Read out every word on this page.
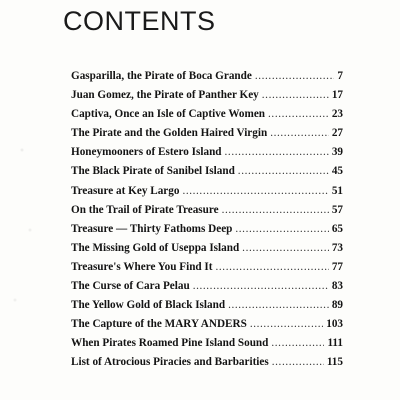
CONTENTS
Gasparilla, the Pirate of Boca Grande .....	7
Juan Gomez, the Pirate of Panther Key .....	17
Captiva, Once an Isle of Captive Women .....	23
The Pirate and the Golden Haired Virgin .....	27
Honeymooners of Estero Island .....	39
The Black Pirate of Sanibel Island .....	45
Treasure at Key Largo .....	51
On the Trail of Pirate Treasure .....	57
Treasure — Thirty Fathoms Deep .....	65
The Missing Gold of Useppa Island .....	73
Treasure's Where You Find It .....	77
The Curse of Cara Pelau .....	83
The Yellow Gold of Black Island .....	89
The Capture of the MARY ANDERS .....	103
When Pirates Roamed Pine Island Sound .....	111
List of Atrocious Piracies and Barbarities .....	115
